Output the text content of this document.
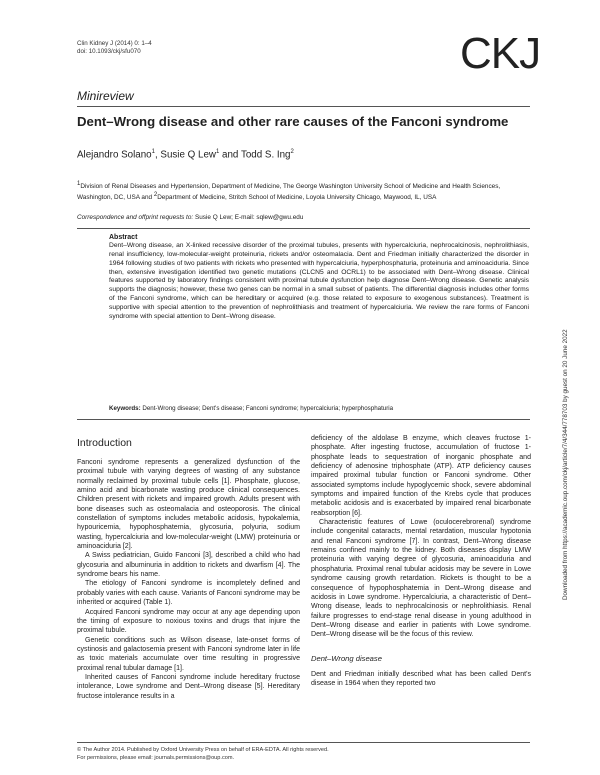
Clin Kidney J (2014) 0: 1–4
doi: 10.1093/ckj/sfu070	CKJ
Minireview
Dent–Wrong disease and other rare causes of the Fanconi syndrome
Alejandro Solano$^1$, Susie Q Lew$^1$ and Todd S. Ing$^2$
$^1$Division of Renal Diseases and Hypertension, Department of Medicine, The George Washington University School of Medicine and Health Sciences, Washington, DC, USA and $^2$Department of Medicine, Stritch School of Medicine, Loyola University Chicago, Maywood, IL, USA
Correspondence and offprint requests to: Susie Q Lew; E-mail: sqlew@gwu.edu
Abstract
Dent–Wrong disease, an X-linked recessive disorder of the proximal tubules, presents with hypercalciuria, nephrocalcinosis, nephrolithiasis, renal insufficiency, low-molecular-weight proteinuria, rickets and/or osteomalacia. Dent and Friedman initially characterized the disorder in 1964 following studies of two patients with rickets who presented with hypercalciuria, hyperphosphaturia, proteinuria and aminoaciduria. Since then, extensive investigation identified two genetic mutations (CLCN5 and OCRL1) to be associated with Dent–Wrong disease. Clinical features supported by laboratory findings consistent with proximal tubule dysfunction help diagnose Dent–Wrong disease. Genetic analysis supports the diagnosis; however, these two genes can be normal in a small subset of patients. The differential diagnosis includes other forms of the Fanconi syndrome, which can be hereditary or acquired (e.g. those related to exposure to exogenous substances). Treatment is supportive with special attention to the prevention of nephrolithiasis and treatment of hypercalciuria. We review the rare forms of Fanconi syndrome with special attention to Dent–Wrong disease.
Keywords: Dent-Wrong disease; Dent's disease; Fanconi syndrome; hypercalciuria; hyperphosphaturia
Introduction

Fanconi syndrome represents a generalized dysfunction of the proximal tubule with varying degrees of wasting of any substance normally reclaimed by proximal tubule cells [1]. Phosphate, glucose, amino acid and bicarbonate wasting produce clinical consequences. Children present with rickets and impaired growth. Adults present with bone diseases such as osteomalacia and osteoporosis. The clinical constellation of symptoms includes metabolic acidosis, hypokalemia, hypouricemia, hypophosphatemia, glycosuria, polyuria, sodium wasting, hypercalciuria and low-molecular-weight (LMW) proteinuria or aminoaciduria [2].

A Swiss pediatrician, Guido Fanconi [3], described a child who had glycosuria and albuminuria in addition to rickets and dwarfism [4]. The syndrome bears his name.

The etiology of Fanconi syndrome is incompletely defined and probably varies with each cause. Variants of Fanconi syndrome may be inherited or acquired (Table 1).

Acquired Fanconi syndrome may occur at any age depending upon the timing of exposure to noxious toxins and drugs that injure the proximal tubule.

Genetic conditions such as Wilson disease, late-onset forms of cystinosis and galactosemia present with Fanconi syndrome later in life as toxic materials accumulate over time resulting in progressive proximal renal tubular damage [1].

Inherited causes of Fanconi syndrome include hereditary fructose intolerance, Lowe syndrome and Dent–Wrong disease [5]. Hereditary fructose intolerance results in a

deficiency of the aldolase B enzyme, which cleaves fructose 1-phosphate. After ingesting fructose, accumulation of fructose 1-phosphate leads to sequestration of inorganic phosphate and deficiency of adenosine triphosphate (ATP). ATP deficiency causes impaired proximal tubular function or Fanconi syndrome. Other associated symptoms include hypoglycemic shock, severe abdominal symptoms and impaired function of the Krebs cycle that produces metabolic acidosis and is exacerbated by impaired renal bicarbonate reabsorption [6].

Characteristic features of Lowe (oculocerebrorenal) syndrome include congenital cataracts, mental retardation, muscular hypotonia and renal Fanconi syndrome [7]. In contrast, Dent–Wrong disease remains confined mainly to the kidney. Both diseases display LMW proteinuria with varying degree of glycosuria, aminoaciduria and phosphaturia. Proximal renal tubular acidosis may be severe in Lowe syndrome causing growth retardation. Rickets is thought to be a consequence of hypophosphatemia in Dent–Wrong disease and acidosis in Lowe syndrome. Hypercalciuria, a characteristic of Dent–Wrong disease, leads to nephrocalcinosis or nephrolithiasis. Renal failure progresses to end-stage renal disease in young adulthood in Dent–Wrong disease and earlier in patients with Lowe syndrome. Dent–Wrong disease will be the focus of this review.

Dent–Wrong disease

Dent and Friedman initially described what has been called Dent's disease in 1964 when they reported two

© The Author 2014. Published by Oxford University Press on behalf of ERA-EDTA. All rights reserved.
For permissions, please email: journals.permissions@oup.com.
Downloaded from https://academic.oup.com/ckj/article/7/4/344/778703 by guest on 20 June 2022
